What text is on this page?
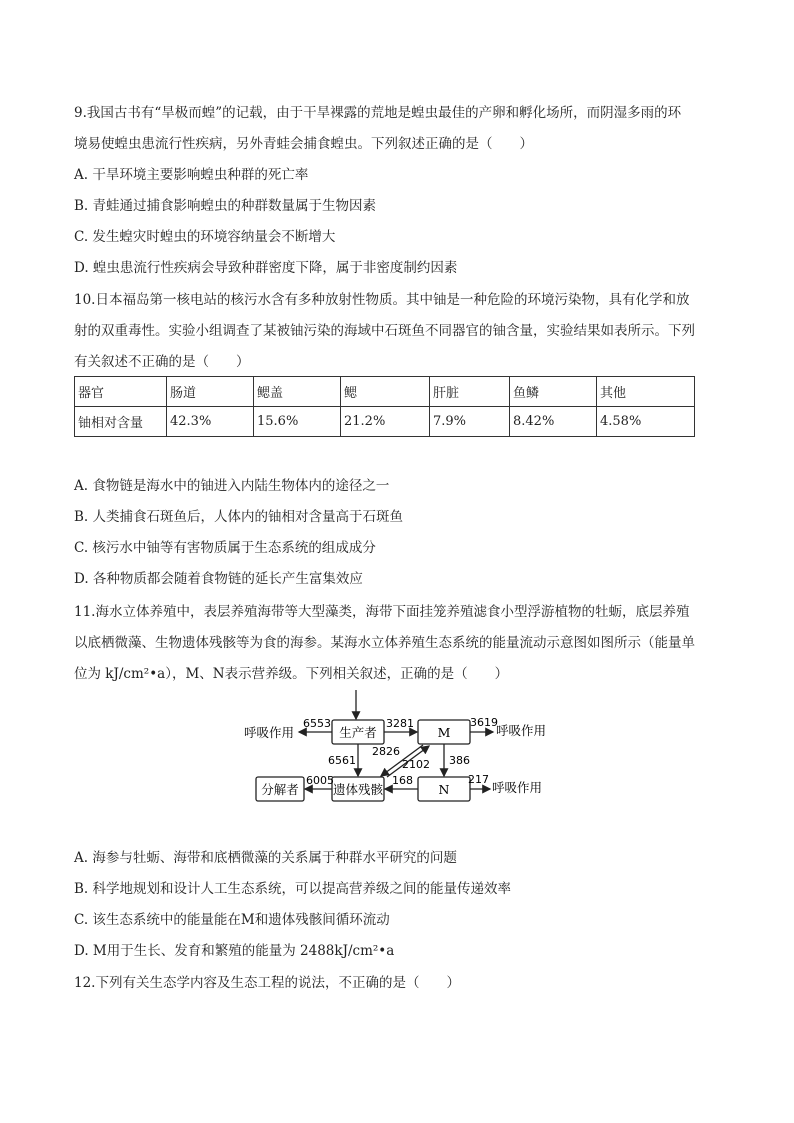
9.我国古书有“旱极而蝗”的记载，由于干旱裸露的荒地是蝗虫最佳的产卵和孵化场所，而阴湿多雨的环
境易使蝗虫患流行性疾病，另外青蛙会捕食蝗虫。下列叙述正确的是（　　）
A. 干旱环境主要影响蝗虫种群的死亡率
B. 青蛙通过捕食影响蝗虫的种群数量属于生物因素
C. 发生蝗灾时蝗虫的环境容纳量会不断增大
D. 蝗虫患流行性疾病会导致种群密度下降，属于非密度制约因素
10.日本福岛第一核电站的核污水含有多种放射性物质。其中铀是一种危险的环境污染物，具有化学和放
射的双重毒性。实验小组调查了某被铀污染的海域中石斑鱼不同器官的铀含量，实验结果如表所示。下列
有关叙述不正确的是（　　）
器官	肠道	鳃盖	鳃	肝脏	鱼鳞	其他
铀相对含量	42.3%	15.6%	21.2%	7.9%	8.42%	4.58%
A. 食物链是海水中的铀进入内陆生物体内的途径之一
B. 人类捕食石斑鱼后，人体内的铀相对含量高于石斑鱼
C. 核污水中铀等有害物质属于生态系统的组成成分
D. 各种物质都会随着食物链的延长产生富集效应
11.海水立体养殖中，表层养殖海带等大型藻类，海带下面挂笼养殖滤食小型浮游植物的牡蛎，底层养殖
以底栖微藻、生物遗体残骸等为食的海参。某海水立体养殖生态系统的能量流动示意图如图所示（能量单
位为 kJ/cm²•a），M、N表示营养级。下列相关叙述，正确的是（　　）
生产者	M
遗体残骸	N
分解者
呼吸作用	呼吸作用
呼吸作用
6553	3281	3619
6561
2826
2102 386
168	217
6005
A. 海参与牡蛎、海带和底栖微藻的关系属于种群水平研究的问题
B. 科学地规划和设计人工生态系统，可以提高营养级之间的能量传递效率
C. 该生态系统中的能量能在M和遗体残骸间循环流动
D. M用于生长、发育和繁殖的能量为 2488kJ/cm²•a
12.下列有关生态学内容及生态工程的说法，不正确的是（　　）
